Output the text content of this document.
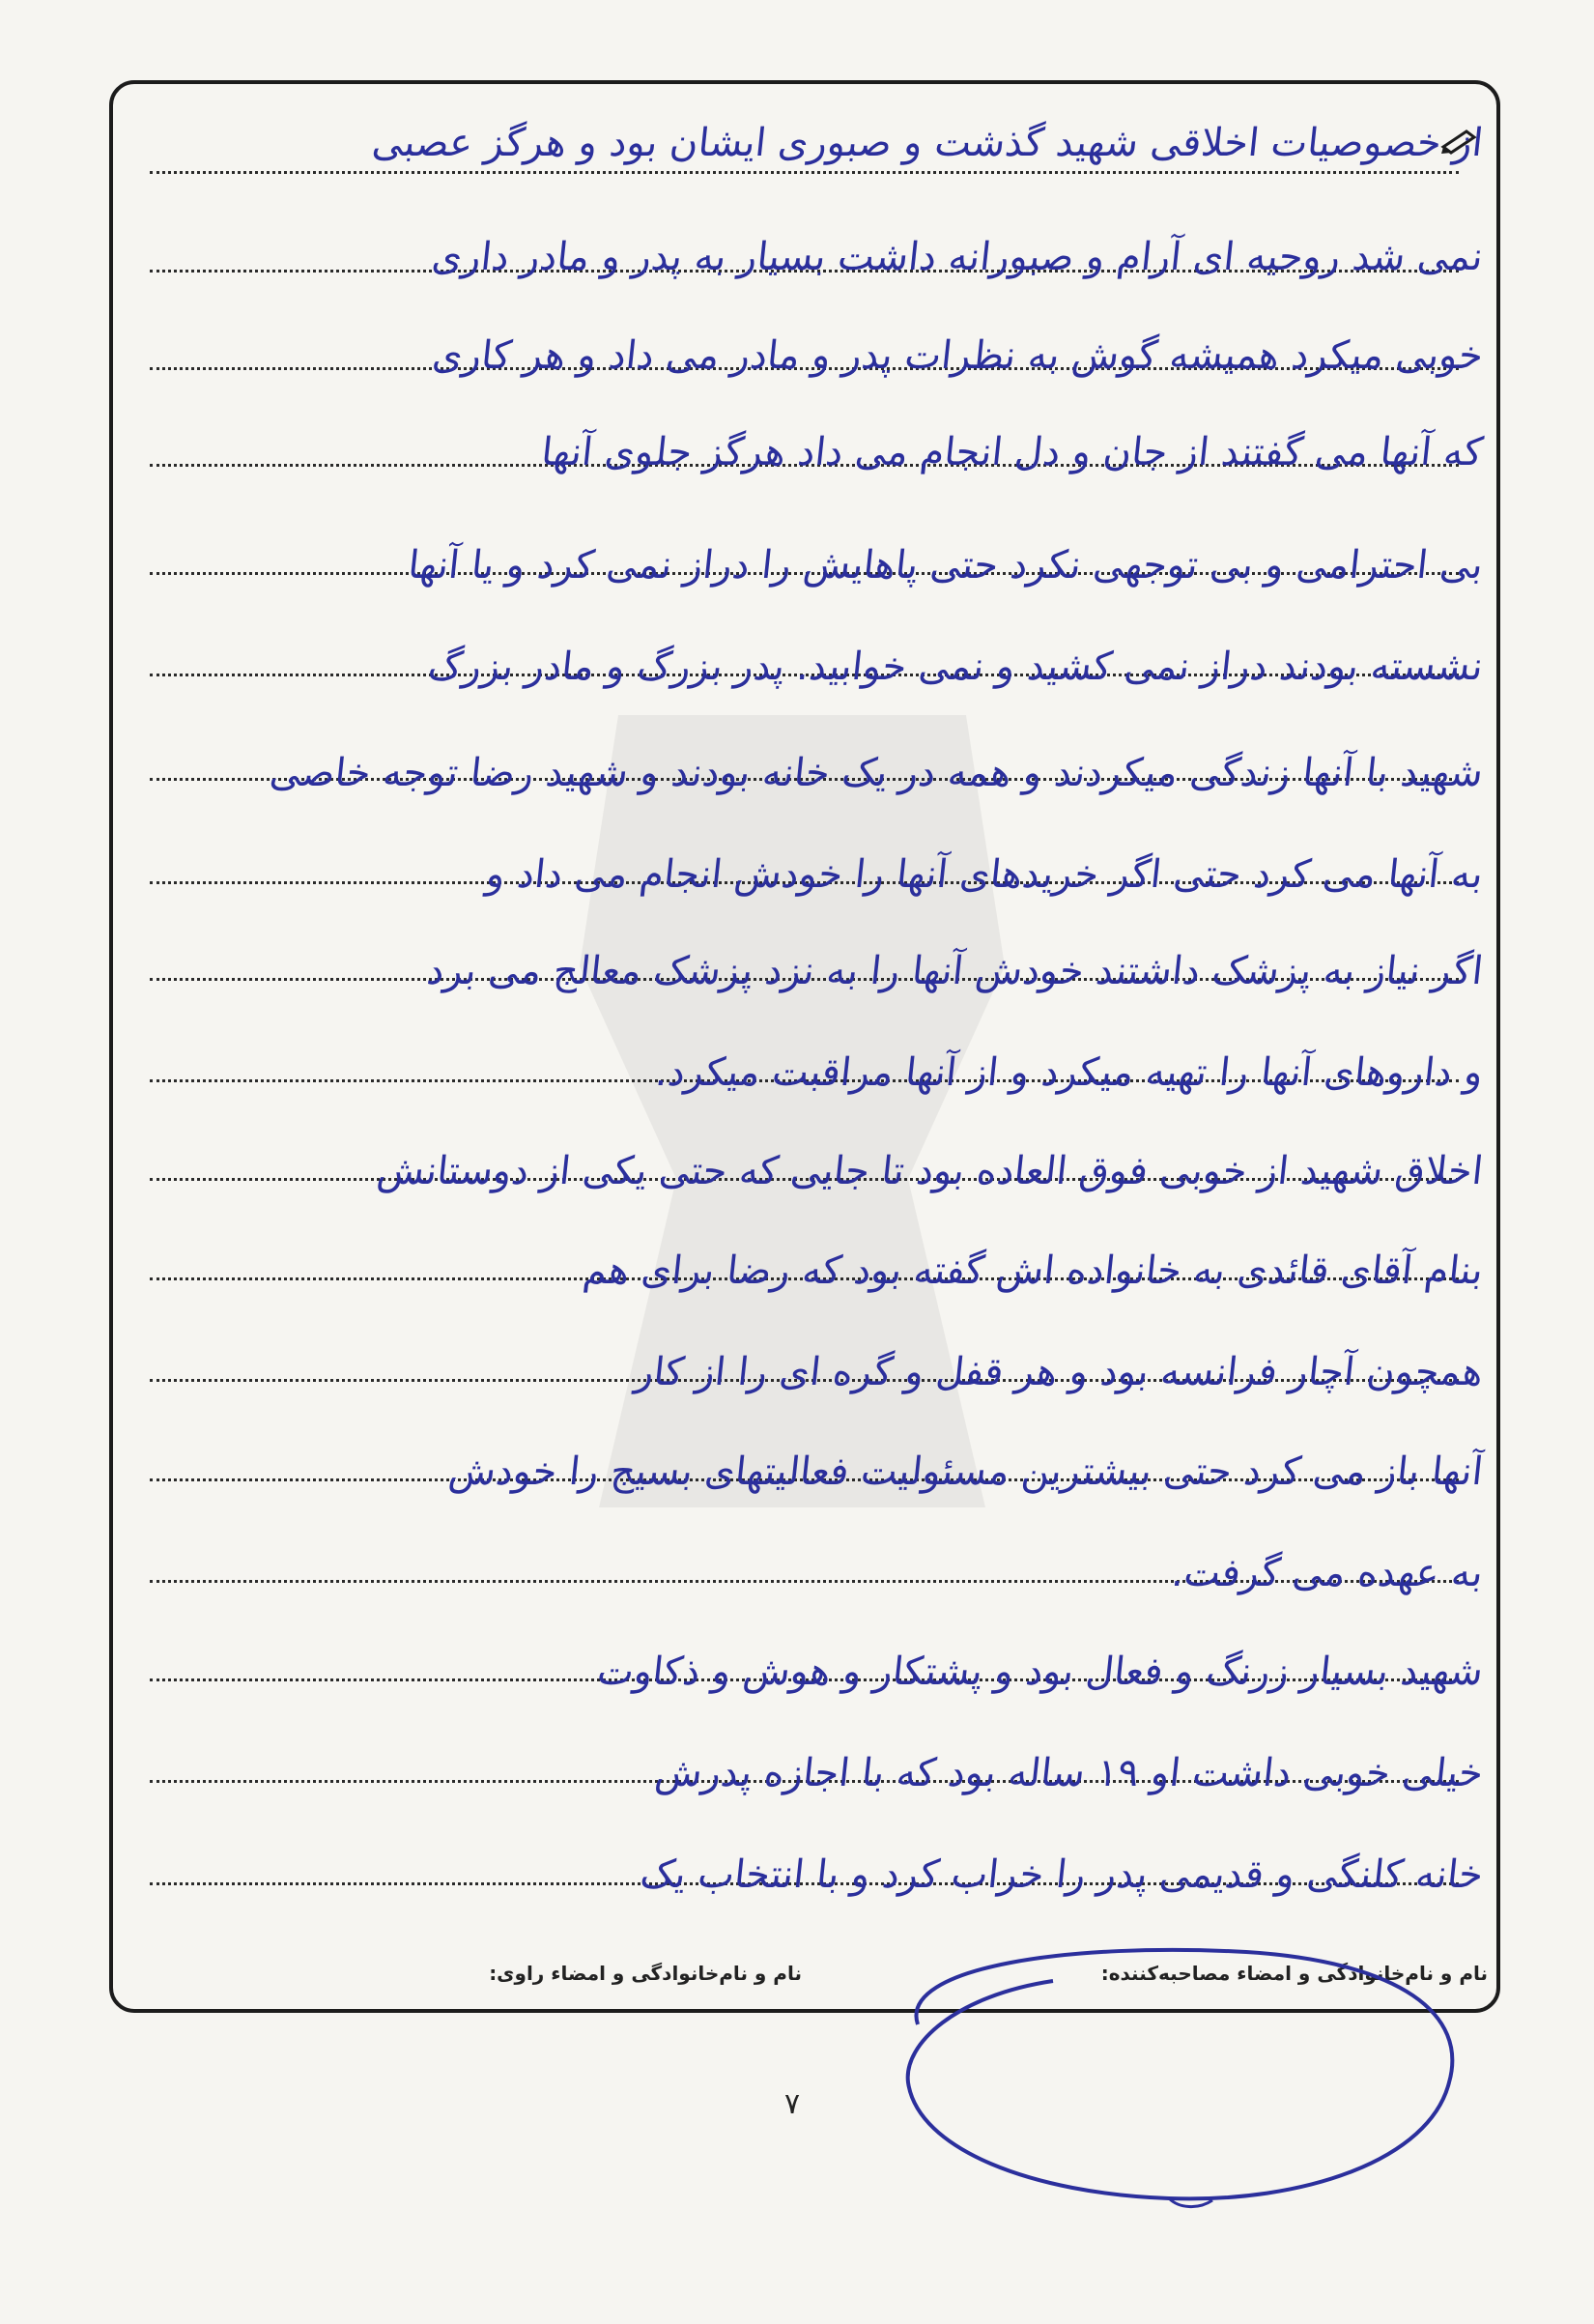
از خصوصیات اخلاقی شهید گذشت و صبوری ایشان بود و هرگز عصبی
نمی شد روحیه ای آرام و صبورانه داشت بسیار به پدر و مادر داری
خوبی میکرد همیشه گوش به نظرات پدر و مادر می داد و هر کاری
که آنها می گفتند از جان و دل انجام می داد هرگز جلوی آنها
بی احترامی و بی توجهی نکرد حتی پاهایش را دراز نمی کرد و یا آنها
نشسته بودند دراز نمی کشید و نمی خوابید. پدر بزرگ و مادر بزرگ
شهید با آنها زندگی میکردند و همه در یک خانه بودند و شهید رضا توجه خاصی
به آنها می کرد حتی اگر خریدهای آنها را خودش انجام می داد و
اگر نیاز به پزشک داشتند خودش آنها را به نزد پزشک معالج می برد
و داروهای آنها را تهیه میکرد و از آنها مراقبت میکرد.
اخلاق شهید از خوبی فوق العاده بود تا جایی که حتی یکی از دوستانش
بنام آقای قائدی به خانواده اش گفته بود که رضا برای هم
همچون آچار فرانسه بود و هر قفل و گره ای را از کار
آنها باز می کرد حتی بیشترین مسئولیت فعالیتهای بسیج را خودش
به عهده می گرفت.
شهید بسیار زرنگ و فعال بود و پشتکار و هوش و ذکاوت
خیلی خوبی داشت او ۱۹ ساله بود که با اجازه پدرش
خانه کلنگی و قدیمی پدر را خراب کرد و با انتخاب یک
نام و نام‌خانوادگی و امضاء مصاحبه‌کننده:
نام و نام‌خانوادگی و امضاء راوی:
۷
